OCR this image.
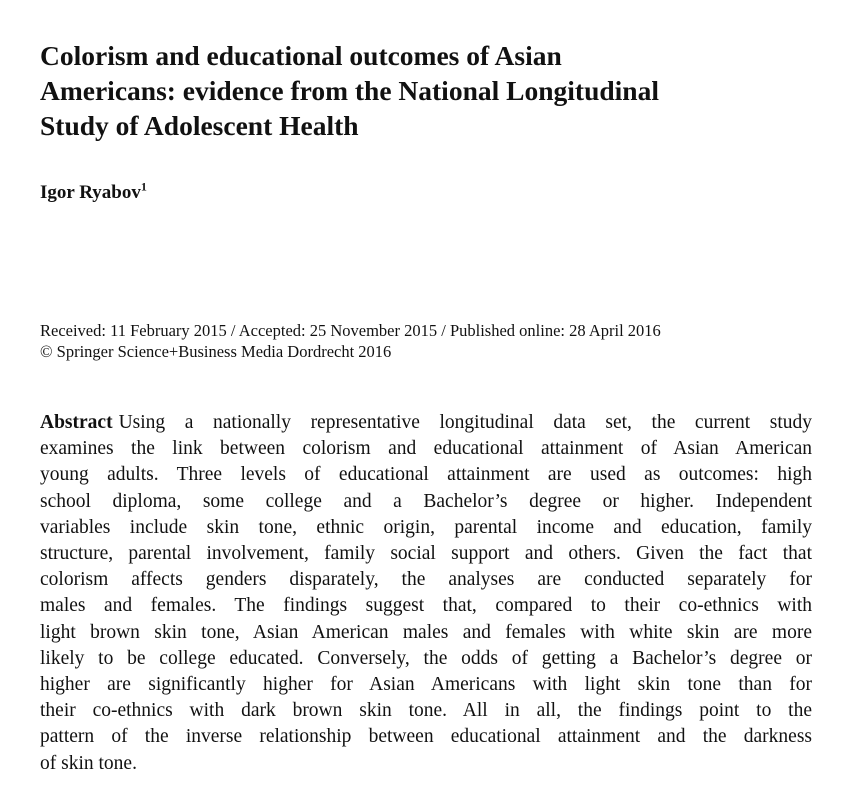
Colorism and educational outcomes of Asian
Americans: evidence from the National Longitudinal
Study of Adolescent Health
Igor Ryabov$^1$
Received: 11 February 2015 / Accepted: 25 November 2015 / Published online: 28 April 2016
© Springer Science+Business Media Dordrecht 2016
Abstract Using a nationally representative longitudinal data set, the current study
examines the link between colorism and educational attainment of Asian American
young adults. Three levels of educational attainment are used as outcomes: high
school diploma, some college and a Bachelor’s degree or higher. Independent
variables include skin tone, ethnic origin, parental income and education, family
structure, parental involvement, family social support and others. Given the fact that
colorism affects genders disparately, the analyses are conducted separately for
males and females. The findings suggest that, compared to their co-ethnics with
light brown skin tone, Asian American males and females with white skin are more
likely to be college educated. Conversely, the odds of getting a Bachelor’s degree or
higher are significantly higher for Asian Americans with light skin tone than for
their co-ethnics with dark brown skin tone. All in all, the findings point to the
pattern of the inverse relationship between educational attainment and the darkness
of skin tone.
